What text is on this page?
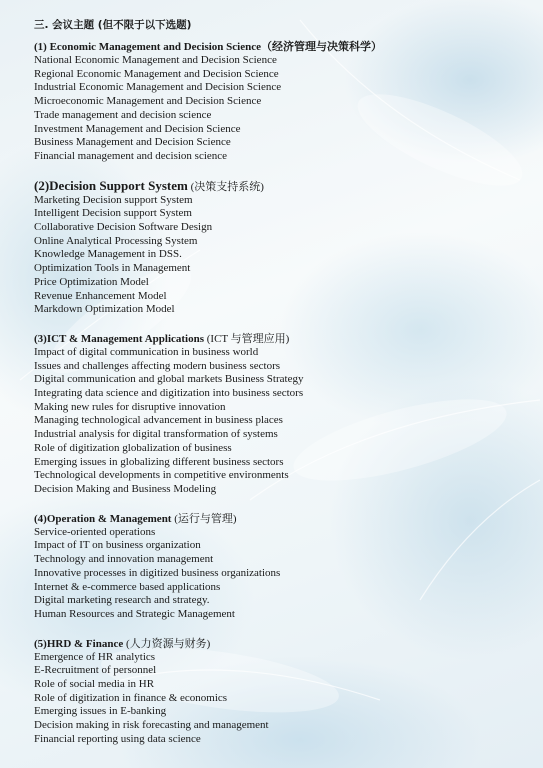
三. 会议主题 (但不限于以下选题)

(1) Economic Management and Decision Science（经济管理与决策科学）

National Economic Management and Decision Science
Regional Economic Management and Decision Science
Industrial Economic Management and Decision Science
Microeconomic Management and Decision Science
Trade management and decision science
Investment Management and Decision Science
Business Management and Decision Science
Financial management and decision science

(2)Decision Support System (决策支持系统)

Marketing Decision support System
Intelligent Decision support System
Collaborative Decision Software Design
Online Analytical Processing System
Knowledge Management in DSS.
Optimization Tools in Management
Price Optimization Model
Revenue Enhancement Model
Markdown Optimization Model

(3)ICT & Management Applications (ICT 与管理应用)

Impact of digital communication in business world
Issues and challenges affecting modern business sectors
Digital communication and global markets Business Strategy
Integrating data science and digitization into business sectors
Making new rules for disruptive innovation
Managing technological advancement in business places
Industrial analysis for digital transformation of systems
Role of digitization globalization of business
Emerging issues in globalizing different business sectors
Technological developments in competitive environments
Decision Making and Business Modeling

(4)Operation & Management (运行与管理)

Service-oriented operations
Impact of IT on business organization
Technology and innovation management
Innovative processes in digitized business organizations
Internet & e-commerce based applications
Digital marketing research and strategy.
Human Resources and Strategic Management

(5)HRD & Finance (人力资源与财务)

Emergence of HR analytics
E-Recruitment of personnel
Role of social media in HR
Role of digitization in finance & economics
Emerging issues in E-banking
Decision making in risk forecasting and management
Financial reporting using data science
